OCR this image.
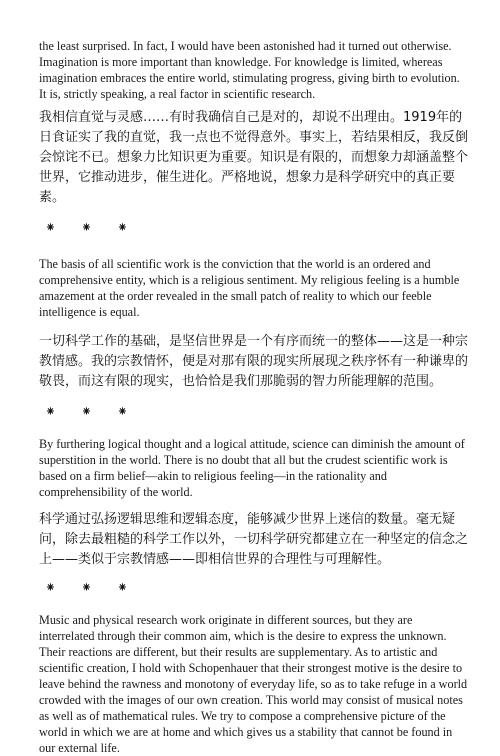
the least surprised. In fact, I would have been astonished had it turned out otherwise. Imagination is more important than knowledge. For knowledge is limited, whereas imagination embraces the entire world, stimulating progress, giving birth to evolution. It is, strictly speaking, a real factor in scientific research.

我相信直觉与灵感……有时我确信自己是对的，却说不出理由。1919年的日食证实了我的直觉，我一点也不觉得意外。事实上，若结果相反，我反倒会惊诧不已。想象力比知识更为重要。知识是有限的，而想象力却涵盖整个世界，它推动进步，催生进化。严格地说，想象力是科学研究中的真正要素。

⁕ ⁕ ⁕

The basis of all scientific work is the conviction that the world is an ordered and comprehensive entity, which is a religious sentiment. My religious feeling is a humble amazement at the order revealed in the small patch of reality to which our feeble intelligence is equal.

一切科学工作的基础，是坚信世界是一个有序而统一的整体——这是一种宗教情感。我的宗教情怀，便是对那有限的现实所展现之秩序怀有一种谦卑的敬畏，而这有限的现实，也恰恰是我们那脆弱的智力所能理解的范围。

⁕ ⁕ ⁕

By furthering logical thought and a logical attitude, science can diminish the amount of superstition in the world. There is no doubt that all but the crudest scientific work is based on a firm belief—akin to religious feeling—in the rationality and comprehensibility of the world.

科学通过弘扬逻辑思维和逻辑态度，能够减少世界上迷信的数量。毫无疑问，除去最粗糙的科学工作以外，一切科学研究都建立在一种坚定的信念之上——类似于宗教情感——即相信世界的合理性与可理解性。

⁕ ⁕ ⁕

Music and physical research work originate in different sources, but they are interrelated through their common aim, which is the desire to express the unknown. Their reactions are different, but their results are supplementary. As to artistic and scientific creation, I hold with Schopenhauer that their strongest motive is the desire to leave behind the rawness and monotony of everyday life, so as to take refuge in a world crowded with the images of our own creation. This world may consist of musical notes as well as of mathematical rules. We try to compose a comprehensive picture of the world in which we are at home and which gives us a stability that cannot be found in our external life.
